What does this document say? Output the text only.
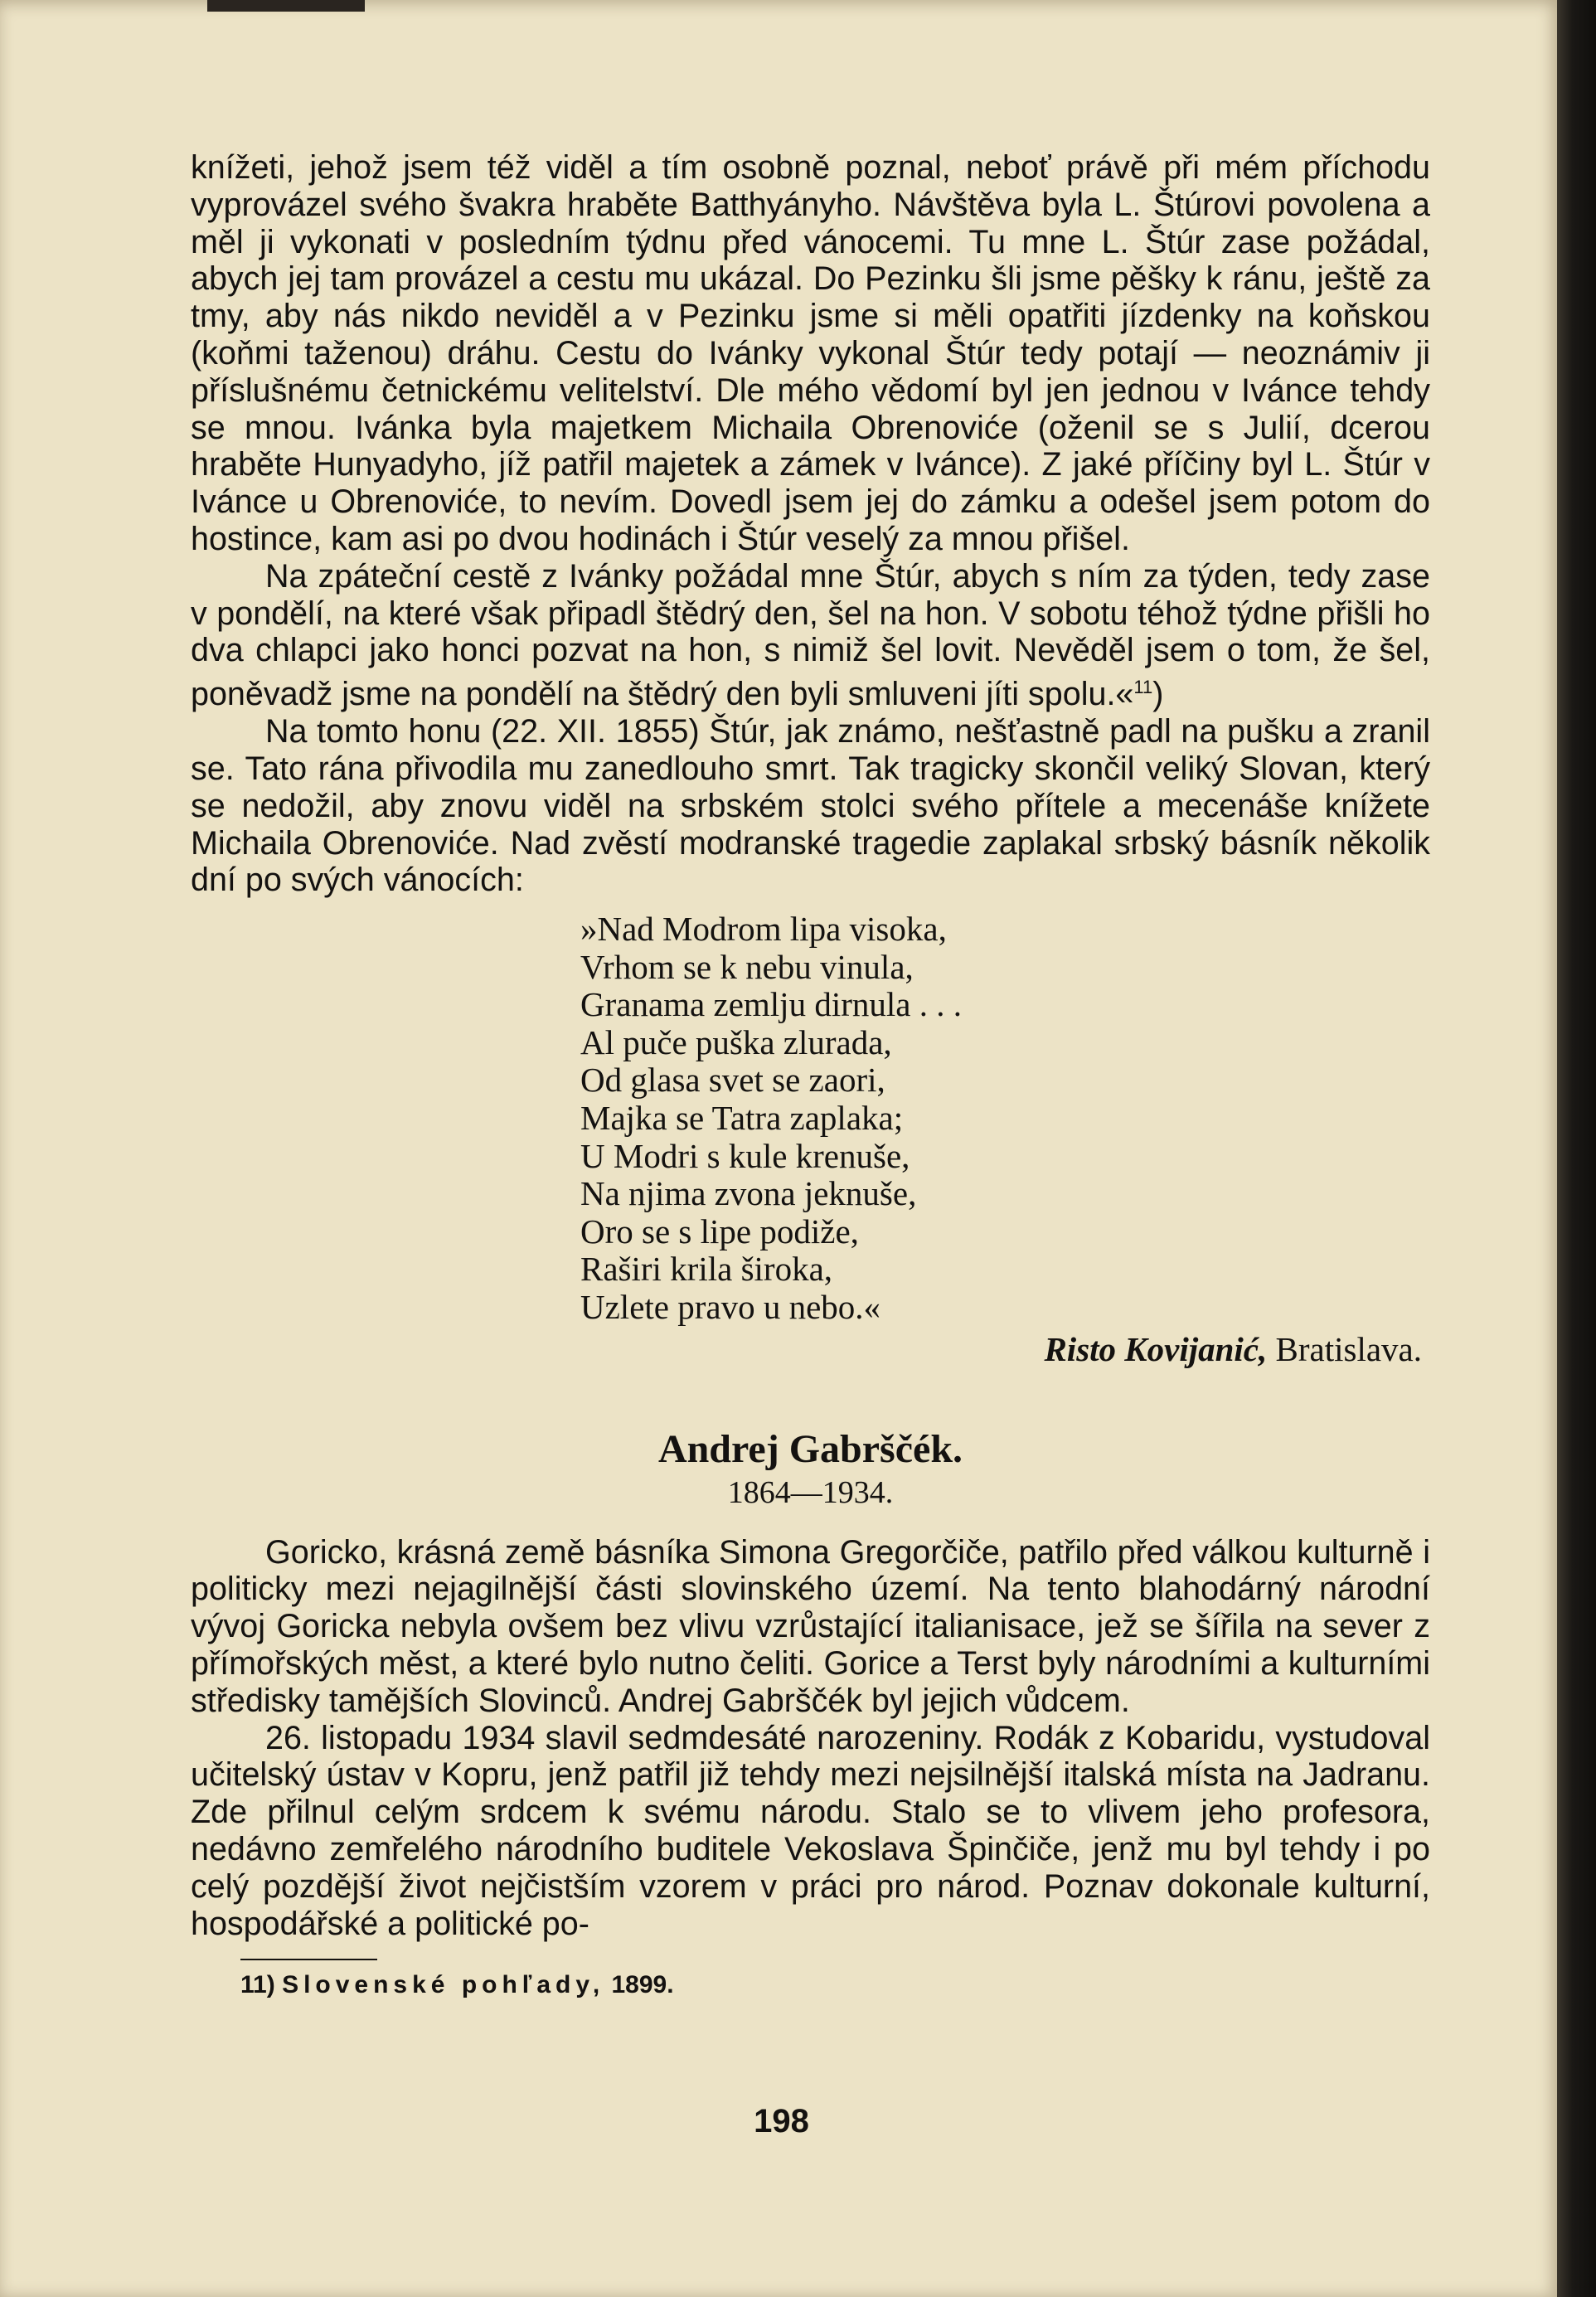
knížeti, jehož jsem též viděl a tím osobně poznal, neboť právě při mém příchodu vyprovázel svého švakra hraběte Batthyányho. Návštěva byla L. Štúrovi povolena a měl ji vykonati v posledním týdnu před vánocemi. Tu mne L. Štúr zase požádal, abych jej tam provázel a cestu mu ukázal. Do Pezinku šli jsme pěšky k ránu, ještě za tmy, aby nás nikdo neviděl a v Pezinku jsme si měli opatřiti jízdenky na koňskou (koňmi taženou) dráhu. Cestu do Ivánky vykonal Štúr tedy potají — neoznámiv ji příslušnému četnickému velitelství. Dle mého vědomí byl jen jednou v Ivánce tehdy se mnou. Ivánka byla majetkem Michaila Obrenoviće (oženil se s Julií, dcerou hraběte Hunyadyho, jíž patřil majetek a zámek v Ivánce). Z jaké příčiny byl L. Štúr v Ivánce u Obrenoviće, to nevím. Dovedl jsem jej do zámku a odešel jsem potom do hostince, kam asi po dvou hodinách i Štúr veselý za mnou přišel.

Na zpáteční cestě z Ivánky požádal mne Štúr, abych s ním za týden, tedy zase v pondělí, na které však připadl štědrý den, šel na hon. V sobotu téhož týdne přišli ho dva chlapci jako honci pozvat na hon, s nimiž šel lovit. Nevěděl jsem o tom, že šel, poněvadž jsme na pondělí na štědrý den byli smluveni jíti spolu.«$^{11}$)

Na tomto honu (22. XII. 1855) Štúr, jak známo, nešťastně padl na pušku a zranil se. Tato rána přivodila mu zanedlouho smrt. Tak tragicky skončil veliký Slovan, který se nedožil, aby znovu viděl na srbském stolci svého přítele a mecenáše knížete Michaila Obrenoviće. Nad zvěstí modranské tragedie zaplakal srbský básník několik dní po svých vánocích:

»Nad Modrom lipa visoka,
Vrhom se k nebu vinula,
Granama zemlju dirnula . . .
Al puče puška zlurada,
Od glasa svet se zaori,
Majka se Tatra zaplaka;
U Modri s kule krenuše,
Na njima zvona jeknuše,
Oro se s lipe podiže,
Raširi krila široka,
Uzlete pravo u nebo.«
Risto Kovijanić, Bratislava.
Andrej Gabrščék.
1864—1934.

Goricko, krásná země básníka Simona Gregorčiče, patřilo před válkou kulturně i politicky mezi nejagilnější části slovinského území. Na tento blahodárný národní vývoj Goricka nebyla ovšem bez vlivu vzrůstající italianisace, jež se šířila na sever z přímořských měst, a které bylo nutno čeliti. Gorice a Terst byly národními a kulturními středisky tamějších Slovinců. Andrej Gabrščék byl jejich vůdcem.

26. listopadu 1934 slavil sedmdesáté narozeniny. Rodák z Kobaridu, vystudoval učitelský ústav v Kopru, jenž patřil již tehdy mezi nejsilnější italská místa na Jadranu. Zde přilnul celým srdcem k svému národu. Stalo se to vlivem jeho profesora, nedávno zemřelého národního buditele Vekoslava Špinčiče, jenž mu byl tehdy i po celý pozdější život nejčistším vzorem v práci pro národ. Poznav dokonale kulturní, hospodářské a politické po-

11) Slovenské pohľady, 1899.
198
